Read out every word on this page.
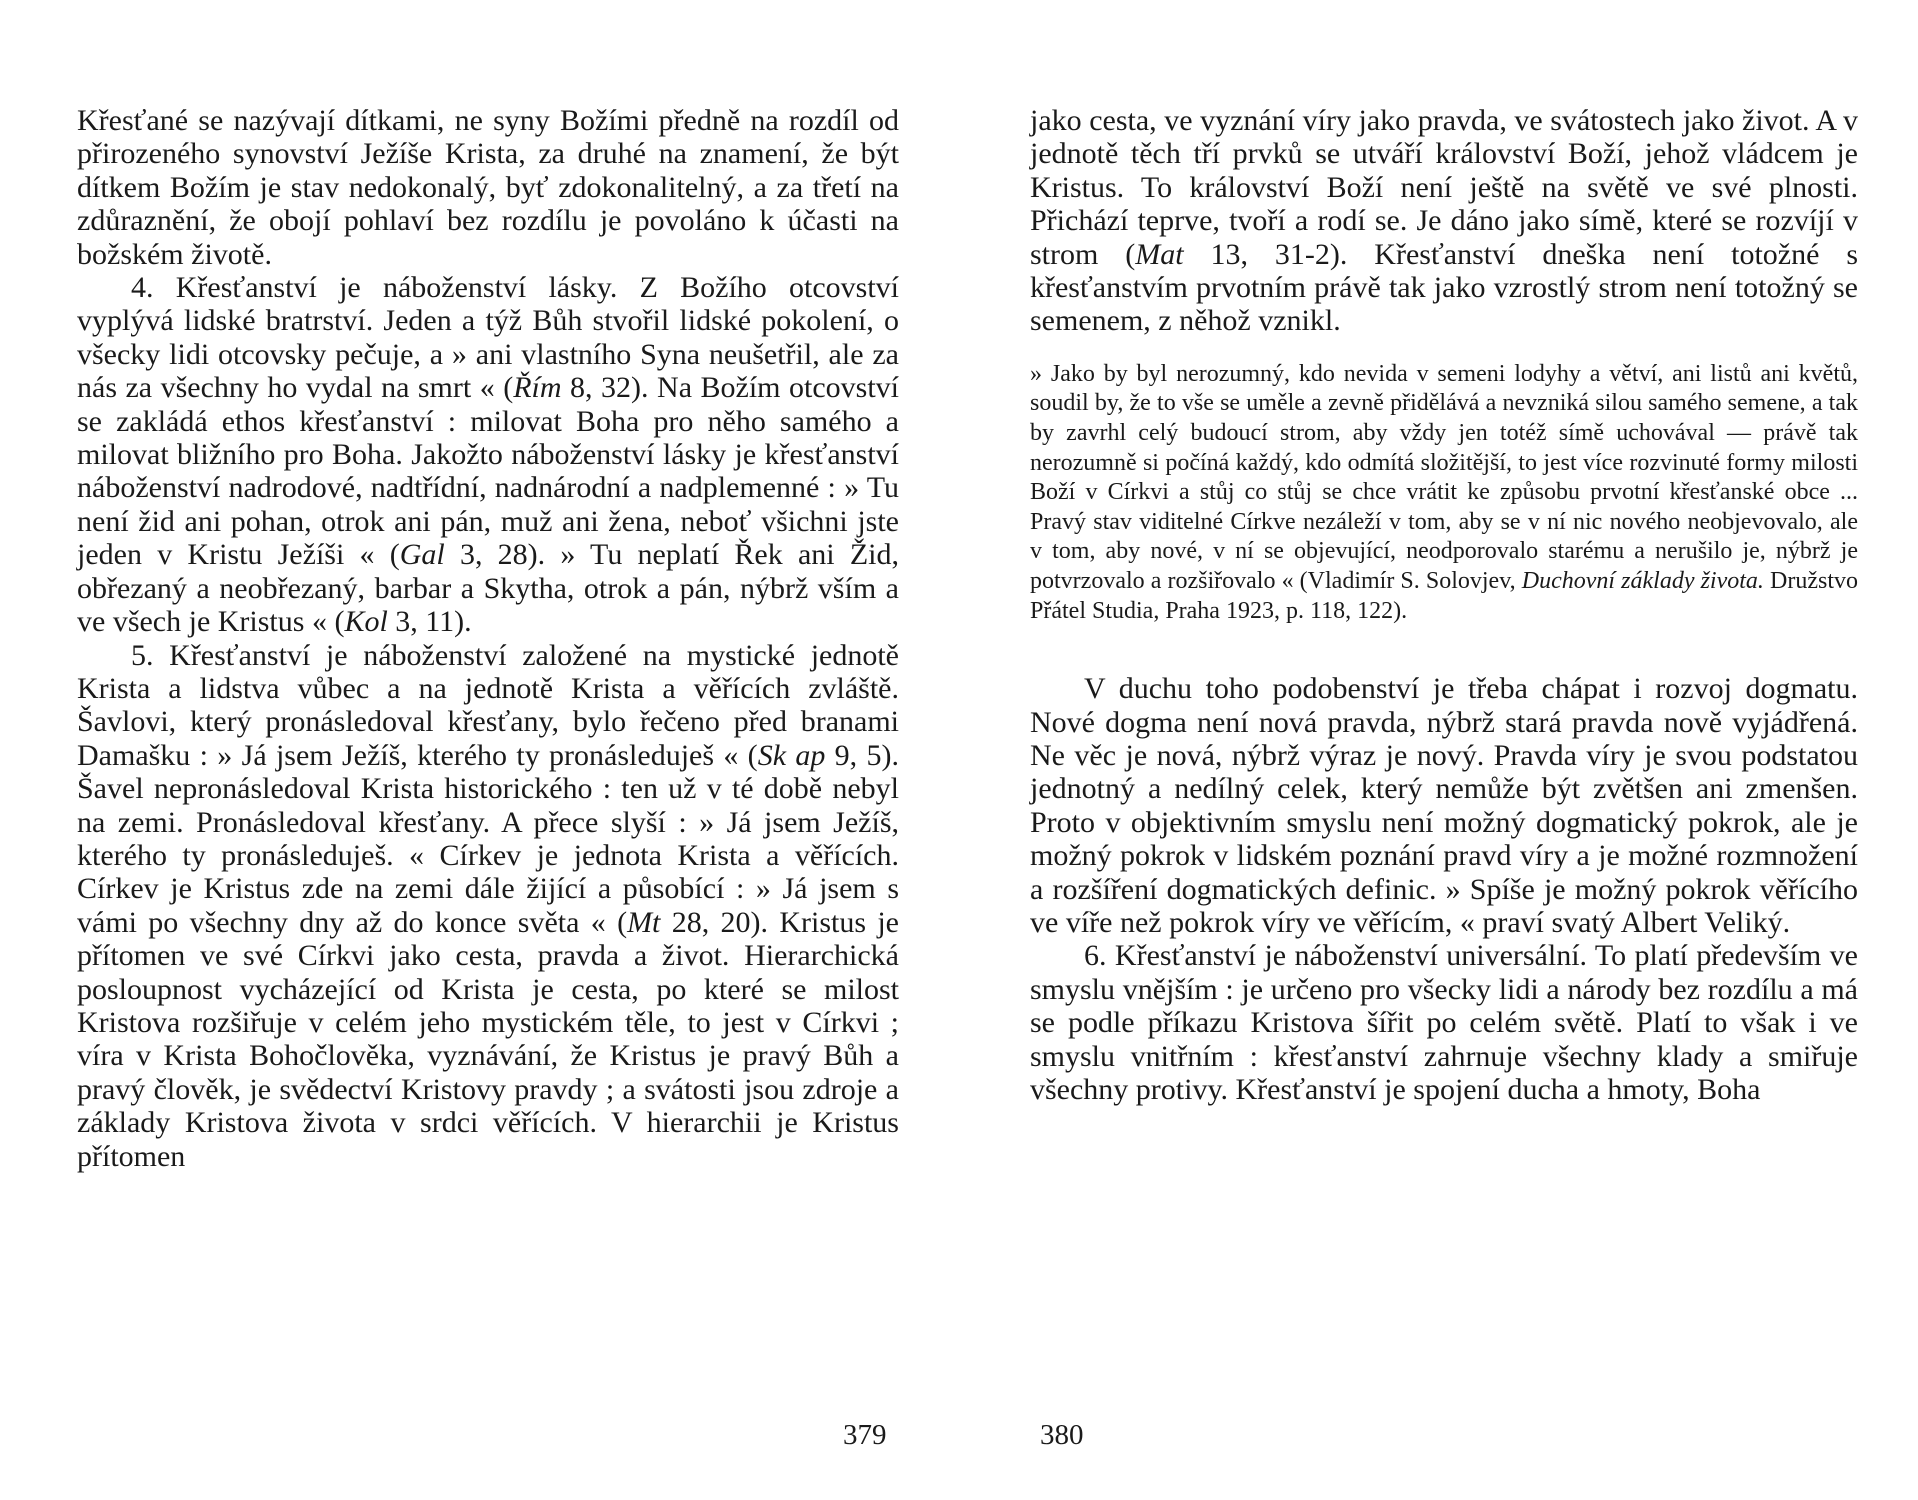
Křesťané se nazývají dítkami, ne syny Božími předně na rozdíl od přirozeného synovství Ježíše Krista, za druhé na znamení, že být dítkem Božím je stav nedokonalý, byť zdokonalitelný, a za třetí na zdůraznění, že obojí pohlaví bez rozdílu je povoláno k účasti na božském životě.

4. Křesťanství je náboženství lásky. Z Božího otcovství vyplývá lidské bratrství. Jeden a týž Bůh stvořil lidské pokolení, o všecky lidi otcovsky pečuje, a » ani vlastního Syna neušetřil, ale za nás za všechny ho vydal na smrt « (Řím 8, 32). Na Božím otcovství se zakládá ethos křesťanství : milovat Boha pro něho samého a milovat bližního pro Boha. Jakožto náboženství lásky je křesťanství náboženství nadrodové, nadtřídní, nadnárodní a nadplemenné : » Tu není žid ani pohan, otrok ani pán, muž ani žena, neboť všichni jste jeden v Kristu Ježíši « (Gal 3, 28). » Tu neplatí Řek ani Žid, obřezaný a neobřezaný, barbar a Skytha, otrok a pán, nýbrž vším a ve všech je Kristus « (Kol 3, 11).

5. Křesťanství je náboženství založené na mystické jednotě Krista a lidstva vůbec a na jednotě Krista a věřících zvláště. Šavlovi, který pronásledoval křesťany, bylo řečeno před branami Damašku : » Já jsem Ježíš, kterého ty pronásleduješ « (Sk ap 9, 5). Šavel nepronásledoval Krista historického : ten už v té době nebyl na zemi. Pronásledoval křesťany. A přece slyší : » Já jsem Ježíš, kterého ty pronásleduješ. « Církev je jednota Krista a věřících. Církev je Kristus zde na zemi dále žijící a působící : » Já jsem s vámi po všechny dny až do konce světa « (Mt 28, 20). Kristus je přítomen ve své Církvi jako cesta, pravda a život. Hierarchická posloupnost vycházející od Krista je cesta, po které se milost Kristova rozšiřuje v celém jeho mystickém těle, to jest v Církvi ; víra v Krista Bohočlověka, vyznávání, že Kristus je pravý Bůh a pravý člověk, je svědectví Kristovy pravdy ; a svátosti jsou zdroje a základy Kristova života v srdci věřících. V hierarchii je Kristus přítomen

379

jako cesta, ve vyznání víry jako pravda, ve svátostech jako život. A v jednotě těch tří prvků se utváří království Boží, jehož vládcem je Kristus. To království Boží není ještě na světě ve své plnosti. Přichází teprve, tvoří a rodí se. Je dáno jako símě, které se rozvíjí v strom (Mat 13, 31-2). Křesťanství dneška není totožné s křesťanstvím prvotním právě tak jako vzrostlý strom není totožný se semenem, z něhož vznikl.

» Jako by byl nerozumný, kdo nevida v semeni lodyhy a větví, ani listů ani květů, soudil by, že to vše se uměle a zevně přidělává a nevzniká silou samého semene, a tak by zavrhl celý budoucí strom, aby vždy jen totéž símě uchovával — právě tak nerozumně si počíná každý, kdo odmítá složitější, to jest více rozvinuté formy milosti Boží v Církvi a stůj co stůj se chce vrátit ke způsobu prvotní křesťanské obce ... Pravý stav viditelné Církve nezáleží v tom, aby se v ní nic nového neobjevovalo, ale v tom, aby nové, v ní se objevující, neodporovalo starému a nerušilo je, nýbrž je potvrzovalo a rozšiřovalo « (Vladimír S. Solovjev, Duchovní základy života. Družstvo Přátel Studia, Praha 1923, p. 118, 122).

V duchu toho podobenství je třeba chápat i rozvoj dogmatu. Nové dogma není nová pravda, nýbrž stará pravda nově vyjádřená. Ne věc je nová, nýbrž výraz je nový. Pravda víry je svou podstatou jednotný a nedílný celek, který nemůže být zvětšen ani zmenšen. Proto v objektivním smyslu není možný dogmatický pokrok, ale je možný pokrok v lidském poznání pravd víry a je možné rozmnožení a rozšíření dogmatických definic. » Spíše je možný pokrok věřícího ve víře než pokrok víry ve věřícím, « praví svatý Albert Veliký.

6. Křesťanství je náboženství universální. To platí především ve smyslu vnějším : je určeno pro všecky lidi a národy bez rozdílu a má se podle příkazu Kristova šířit po celém světě. Platí to však i ve smyslu vnitřním : křesťanství zahrnuje všechny klady a smiřuje všechny protivy. Křesťanství je spojení ducha a hmoty, Boha

380
